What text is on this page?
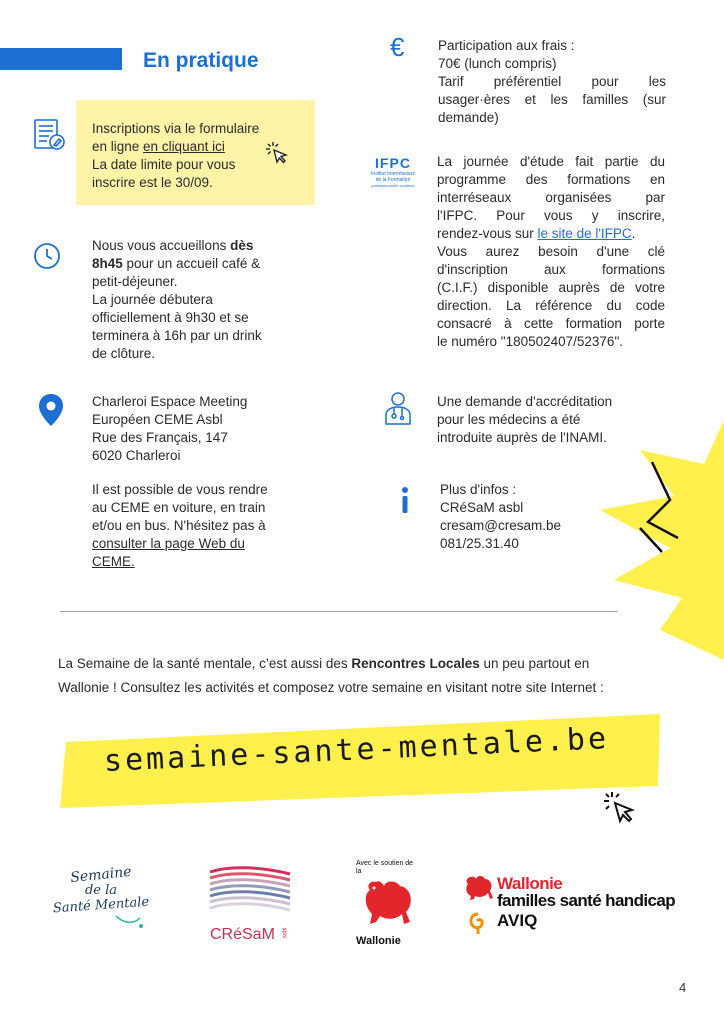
En pratique
Inscriptions via le formulaire
en ligne en cliquant ici
La date limite pour vous
inscrire est le 30/09.
Nous vous accueillons dès
8h45 pour un accueil café &
petit-déjeuner.
La journée débutera
officiellement à 9h30 et se
terminera à 16h par un drink
de clôture.
Charleroi Espace Meeting
Européen CEME Asbl
Rue des Français, 147
6020 Charleroi
Il est possible de vous rendre
au CEME en voiture, en train
et/ou en bus. N'hésitez pas à
consulter la page Web du
CEME.
€ Participation aux frais :
70€ (lunch compris)
Tarif préférentiel pour les
usager·ères et les familles (sur
demande)
IFPC
Institut Interréseaux
de la Formation
professionnelle continue
La journée d'étude fait partie du
programme des formations en
interréseaux organisées par
l'IFPC. Pour vous y inscrire,
rendez-vous sur le site de l'IFPC.
Vous aurez besoin d'une clé
d'inscription aux formations
(C.I.F.) disponible auprès de votre
direction. La référence du code
consacré à cette formation porte
le numéro "180502407/52376".
Une demande d'accréditation
pour les médecins a été
introduite auprès de l'INAMI.
Plus d'infos :
CRéSaM asbl
cresam@cresam.be
081/25.31.40
La Semaine de la santé mentale, c’est aussi des Rencontres Locales un peu partout en
Wallonie ! Consultez les activités et composez votre semaine en visitant notre site Internet :
semaine-sante-mentale.be
Semaine
de la
Santé Mentale
CRéSaM asbl
Avec le soutien de
la
Wallonie
Wallonie
familles santé handicap
AVIQ
4
